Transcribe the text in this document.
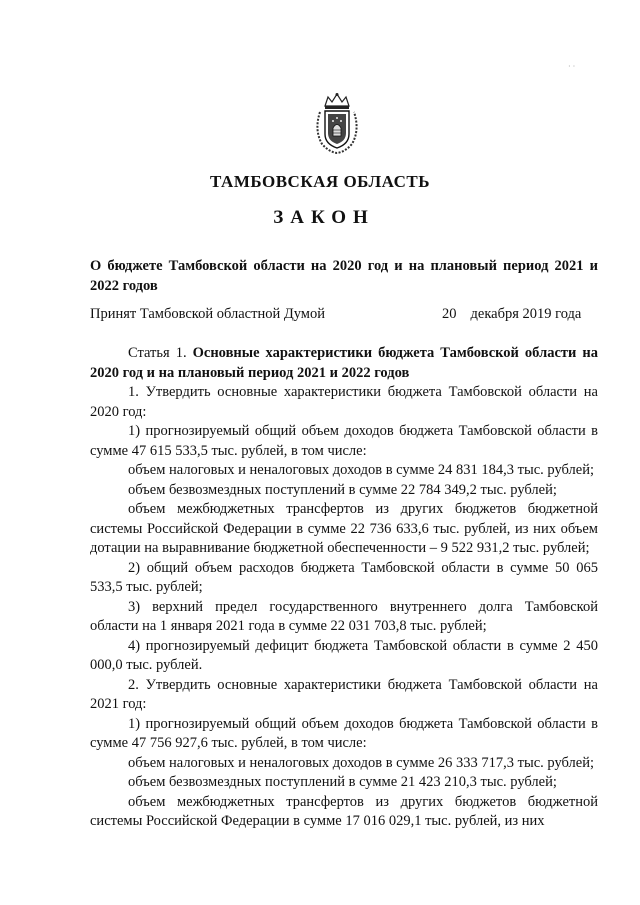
· ·
ТАМБОВСКАЯ ОБЛАСТЬ
ЗАКОН
О бюджете Тамбовской области на 2020 год и на плановый период 2021 и 2022 годов
Принят Тамбовской областной Думой	20 декабря 2019 года

Статья 1. Основные характеристики бюджета Тамбовской области на 2020 год и на плановый период 2021 и 2022 годов

1. Утвердить основные характеристики бюджета Тамбовской области на 2020 год:

1) прогнозируемый общий объем доходов бюджета Тамбовской области в сумме 47 615 533,5 тыс. рублей, в том числе:

объем налоговых и неналоговых доходов в сумме 24 831 184,3 тыс. рублей;

объем безвозмездных поступлений в сумме 22 784 349,2 тыс. рублей;

объем межбюджетных трансфертов из других бюджетов бюджетной системы Российской Федерации в сумме 22 736 633,6 тыс. рублей, из них объем дотации на выравнивание бюджетной обеспеченности – 9 522 931,2 тыс. рублей;

2) общий объем расходов бюджета Тамбовской области в сумме 50 065 533,5 тыс. рублей;

3) верхний предел государственного внутреннего долга Тамбовской области на 1 января 2021 года в сумме 22 031 703,8 тыс. рублей;

4) прогнозируемый дефицит бюджета Тамбовской области в сумме 2 450 000,0 тыс. рублей.

2. Утвердить основные характеристики бюджета Тамбовской области на 2021 год:

1) прогнозируемый общий объем доходов бюджета Тамбовской области в сумме 47 756 927,6 тыс. рублей, в том числе:

объем налоговых и неналоговых доходов в сумме 26 333 717,3 тыс. рублей;

объем безвозмездных поступлений в сумме 21 423 210,3 тыс. рублей;

объем межбюджетных трансфертов из других бюджетов бюджетной системы Российской Федерации в сумме 17 016 029,1 тыс. рублей, из них
